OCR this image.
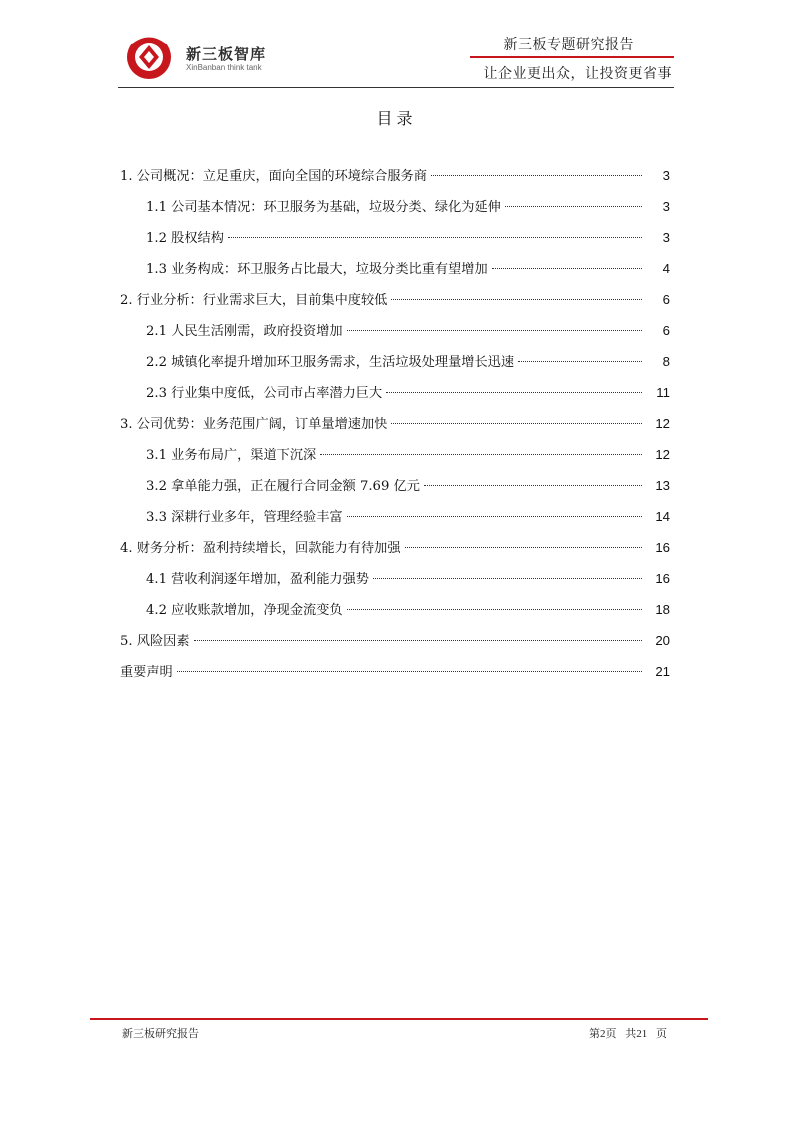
新三板智库
XinBanban think tank
新三板专题研究报告
让企业更出众，让投资更省事
目录
1. 公司概况：立足重庆，面向全国的环境综合服务商	3
1.1 公司基本情况：环卫服务为基础，垃圾分类、绿化为延伸	3
1.2 股权结构	3
1.3 业务构成：环卫服务占比最大，垃圾分类比重有望增加	4
2. 行业分析：行业需求巨大，目前集中度较低	6
2.1 人民生活刚需，政府投资增加	6
2.2 城镇化率提升增加环卫服务需求，生活垃圾处理量增长迅速	8
2.3 行业集中度低，公司市占率潜力巨大	11
3. 公司优势：业务范围广阔，订单量增速加快	12
3.1 业务布局广，渠道下沉深	12
3.2 拿单能力强，正在履行合同金额 7.69 亿元	13
3.3 深耕行业多年，管理经验丰富	14
4. 财务分析：盈利持续增长，回款能力有待加强	16
4.1 营收利润逐年增加，盈利能力强势	16
4.2 应收账款增加，净现金流变负	18
5. 风险因素	20
重要声明	21
新三板研究报告	第2页 共21 页
